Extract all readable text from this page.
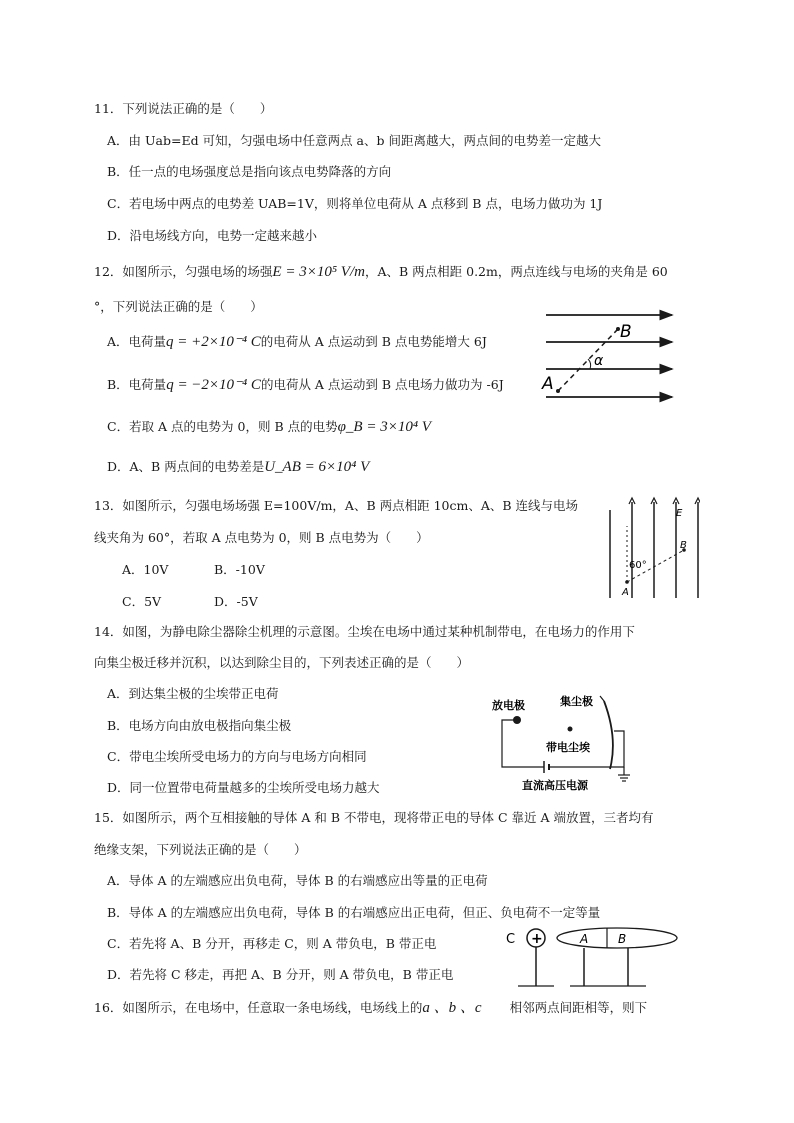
11．下列说法正确的是（　　）
A．由 Uab=Ed 可知，匀强电场中任意两点 a、b 间距离越大，两点间的电势差一定越大
B．任一点的电场强度总是指向该点电势降落的方向
C．若电场中两点的电势差 UAB=1V，则将单位电荷从 A 点移到 B 点，电场力做功为 1J
D．沿电场线方向，电势一定越来越小
12．如图所示，匀强电场的场强E = 3×10⁵ V/m，A、B 两点相距 0.2m，两点连线与电场的夹角是 60
°，下列说法正确的是（　　）
A．电荷量q = +2×10⁻⁴ C的电荷从 A 点运动到 B 点电势能增大 6J
B．电荷量q = −2×10⁻⁴ C的电荷从 A 点运动到 B 点电场力做功为 -6J
C．若取 A 点的电势为 0，则 B 点的电势φ_B = 3×10⁴ V
D．A、B 两点间的电势差是U_AB = 6×10⁴ V
B
A
α
13．如图所示，匀强电场场强 E=100V/m，A、B 两点相距 10cm、A、B 连线与电场
线夹角为 60°，若取 A 点电势为 0，则 B 点电势为（　　）
A．10V	B．-10V
C．5V	D．-5V
E
B
A
60°
14．如图，为静电除尘器除尘机理的示意图。尘埃在电场中通过某种机制带电，在电场力的作用下
向集尘极迁移并沉积，以达到除尘目的，下列表述正确的是（　　）
A．到达集尘极的尘埃带正电荷
B．电场方向由放电极指向集尘极
C．带电尘埃所受电场力的方向与电场方向相同
D．同一位置带电荷量越多的尘埃所受电场力越大
放电极	集尘极
带电尘埃
直流高压电源
15．如图所示，两个互相接触的导体 A 和 B 不带电，现将带正电的导体 C 靠近 A 端放置，三者均有
绝缘支架，下列说法正确的是（　　）
A．导体 A 的左端感应出负电荷，导体 B 的右端感应出等量的正电荷
B．导体 A 的左端感应出负电荷，导体 B 的右端感应出正电荷，但正、负电荷不一定等量
C．若先将 A、B 分开，再移走 C，则 A 带负电，B 带正电
D．若先将 C 移走，再把 A、B 分开，则 A 带负电，B 带正电
+
C	A B
16．如图所示，在电场中，任意取一条电场线，电场线上的a 、b 、c 相邻两点间距相等，则下
